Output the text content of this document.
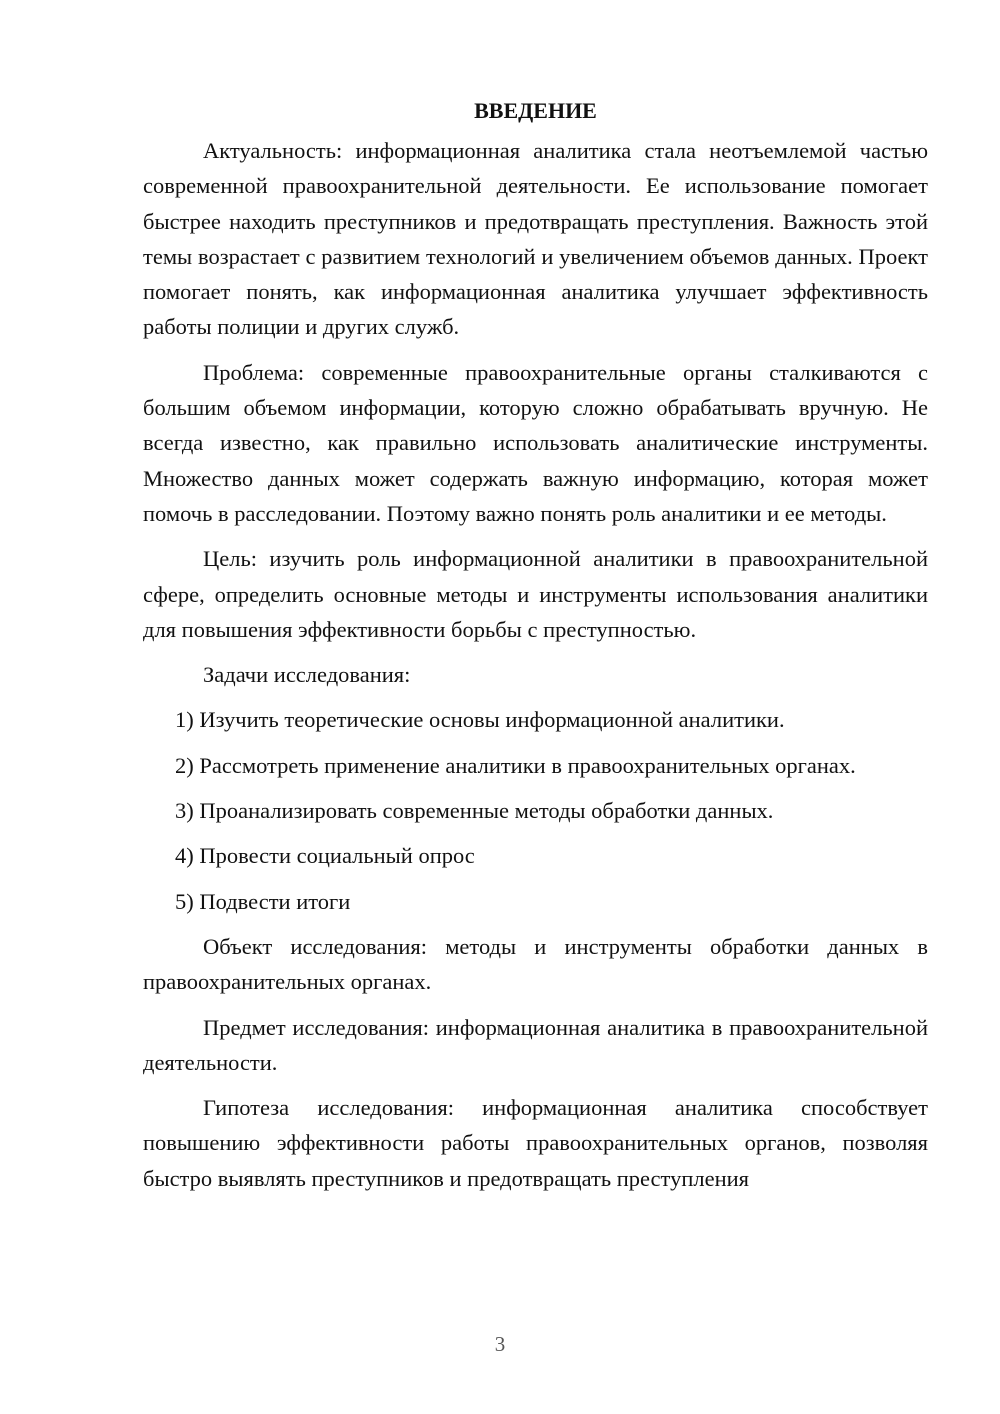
ВВЕДЕНИЕ

Актуальность: информационная аналитика стала неотъемлемой частью современной правоохранительной деятельности. Ее использование помогает быстрее находить преступников и предотвращать преступления. Важность этой темы возрастает с развитием технологий и увеличением объемов данных. Проект помогает понять, как информационная аналитика улучшает эффективность работы полиции и других служб.

Проблема: современные правоохранительные органы сталкиваются с большим объемом информации, которую сложно обрабатывать вручную. Не всегда известно, как правильно использовать аналитические инструменты. Множество данных может содержать важную информацию, которая может помочь в расследовании. Поэтому важно понять роль аналитики и ее методы.

Цель: изучить роль информационной аналитики в правоохранительной сфере, определить основные методы и инструменты использования аналитики для повышения эффективности борьбы с преступностью.

Задачи исследования:

1) Изучить теоретические основы информационной аналитики.
2) Рассмотреть применение аналитики в правоохранительных органах.
3) Проанализировать современные методы обработки данных.
4) Провести социальный опрос
5) Подвести итоги

Объект исследования: методы и инструменты обработки данных в правоохранительных органах.

Предмет исследования: информационная аналитика в правоохранительной деятельности.

Гипотеза исследования: информационная аналитика способствует повышению эффективности работы правоохранительных органов, позволяя быстро выявлять преступников и предотвращать преступления

3
